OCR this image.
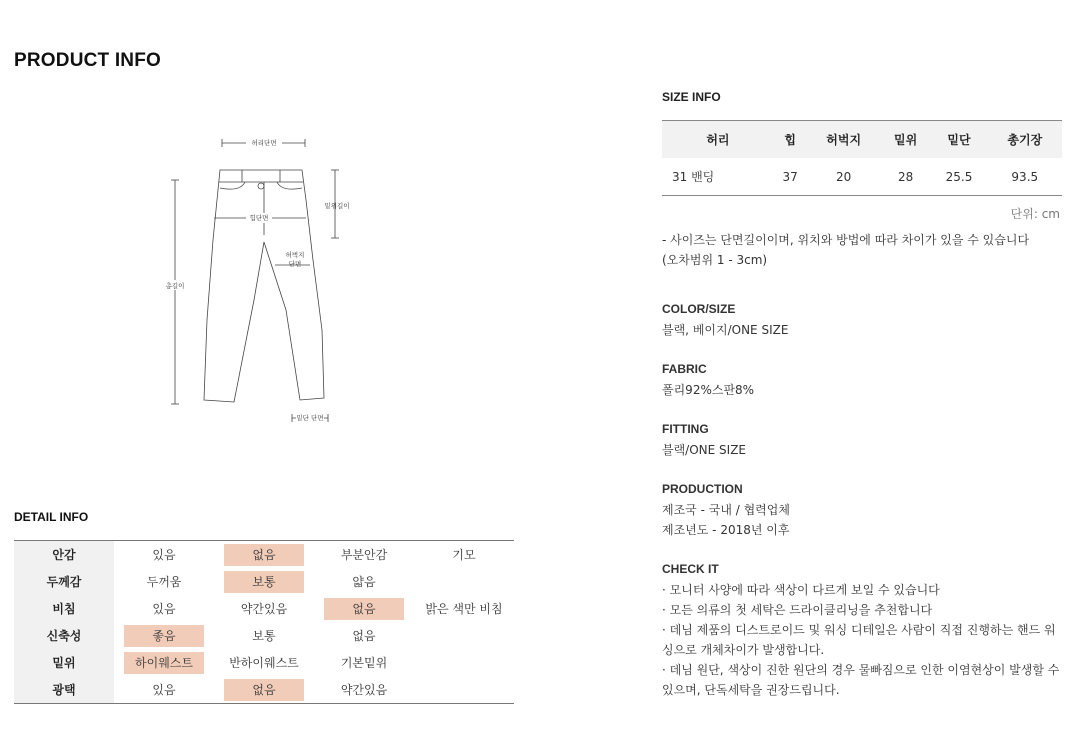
PRODUCT INFO
허리단면
힙단면
밑위길이
허벅지
단면
총길이
밑단 단면
DETAIL INFO
안감	있음	없음	부분안감	기모
두께감	두꺼움	보통	얇음	
비침	있음	약간있음	없음	밝은 색만 비침
신축성	좋음	보통	없음	
밑위	하이웨스트	반하이웨스트	기본밑위	
광택	있음	없음	약간있음	
SIZE INFO
허리	힙	허벅지	밑위	밑단	총기장
31 밴딩	37	20	28	25.5	93.5
단위: cm
- 사이즈는 단면길이이며, 위치와 방법에 따라 차이가 있을 수 있습니다
(오차범위 1 - 3cm)
COLOR/SIZE
블랙, 베이지/ONE SIZE
FABRIC
폴리92%스판8%
FITTING
블랙/ONE SIZE
PRODUCTION
제조국 - 국내 / 협력업체
제조년도 - 2018년 이후
CHECK IT
· 모니터 사양에 따라 색상이 다르게 보일 수 있습니다
· 모든 의류의 첫 세탁은 드라이클리닝을 추천합니다
· 데님 제품의 디스트로이드 및 워싱 디테일은 사람이 직접 진행하는 핸드 워싱으로 개체차이가 발생합니다.
· 데님 원단, 색상이 진한 원단의 경우 물빠짐으로 인한 이염현상이 발생할 수 있으며, 단독세탁을 권장드립니다.
